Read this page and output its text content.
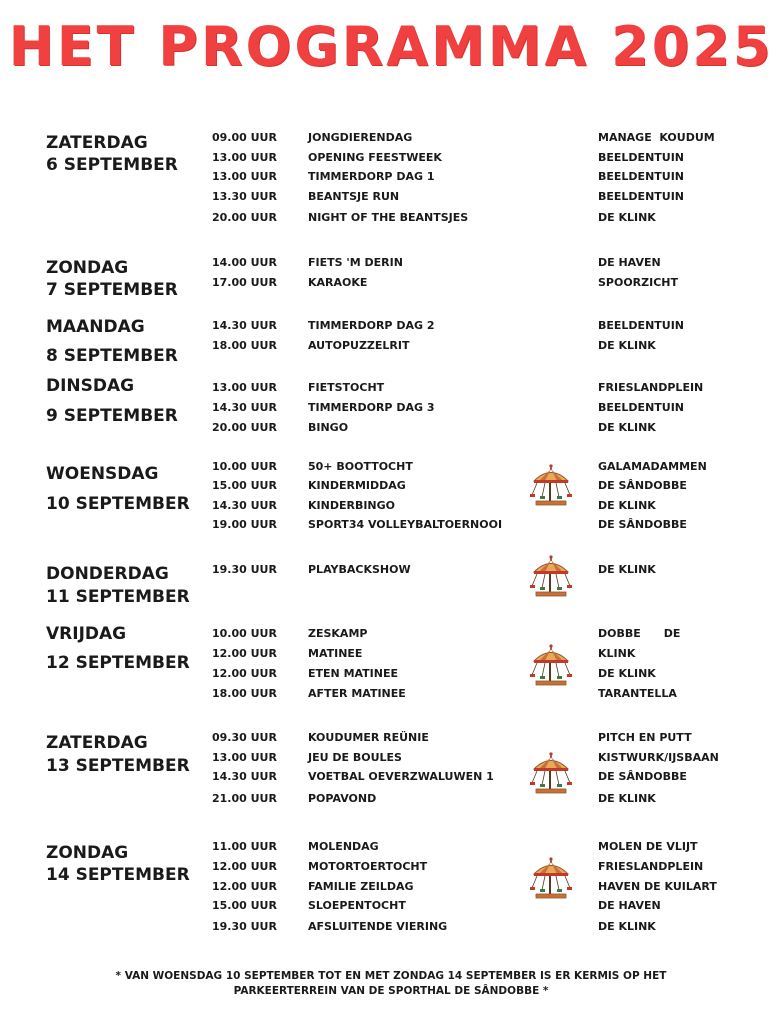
HET PROGRAMMA 2025
ZATERDAG
6 SEPTEMBER
09.00 UUR	JONGDIERENDAG	MANAGE  KOUDUM
13.00 UUR	OPENING FEESTWEEK	BEELDENTUIN
13.00 UUR	TIMMERDORP DAG 1	BEELDENTUIN
13.30 UUR	BEANTSJE RUN	BEELDENTUIN
20.00 UUR	NIGHT OF THE BEANTSJES	DE KLINK
ZONDAG
7 SEPTEMBER
14.00 UUR	FIETS 'M DERIN	DE HAVEN
17.00 UUR	KARAOKE	SPOORZICHT
MAANDAG
8 SEPTEMBER
14.30 UUR	TIMMERDORP DAG 2	BEELDENTUIN
18.00 UUR	AUTOPUZZELRIT	DE KLINK
DINSDAG
9 SEPTEMBER
13.00 UUR	FIETSTOCHT	FRIESLANDPLEIN
14.30 UUR	TIMMERDORP DAG 3	BEELDENTUIN
20.00 UUR	BINGO	DE KLINK
WOENSDAG
10 SEPTEMBER
10.00 UUR	50+ BOOTTOCHT	GALAMADAMMEN
15.00 UUR	KINDERMIDDAG	DE SÂNDOBBE
14.30 UUR	KINDERBINGO	DE KLINK
19.00 UUR	SPORT34 VOLLEYBALTOERNOOI	DE SÂNDOBBE
DONDERDAG
11 SEPTEMBER
19.30 UUR	PLAYBACKSHOW	DE KLINK
VRIJDAG
12 SEPTEMBER
10.00 UUR	ZESKAMP	DOBBE      DE
12.00 UUR	MATINEE	KLINK
12.00 UUR	ETEN MATINEE	DE KLINK
18.00 UUR	AFTER MATINEE	TARANTELLA
ZATERDAG
13 SEPTEMBER
09.30 UUR	KOUDUMER REÜNIE	PITCH EN PUTT
13.00 UUR	JEU DE BOULES	KISTWURK/IJSBAAN
14.30 UUR	VOETBAL OEVERZWALUWEN 1	DE SÂNDOBBE
21.00 UUR	POPAVOND	DE KLINK
ZONDAG
14 SEPTEMBER
11.00 UUR	MOLENDAG	MOLEN DE VLIJT
12.00 UUR	MOTORTOERTOCHT	FRIESLANDPLEIN
12.00 UUR	FAMILIE ZEILDAG	HAVEN DE KUILART
15.00 UUR	SLOEPENTOCHT	DE HAVEN
19.30 UUR	AFSLUITENDE VIERING	DE KLINK
* VAN WOENSDAG 10 SEPTEMBER TOT EN MET ZONDAG 14 SEPTEMBER IS ER KERMIS OP HET
PARKEERTERREIN VAN DE SPORTHAL DE SÂNDOBBE *
